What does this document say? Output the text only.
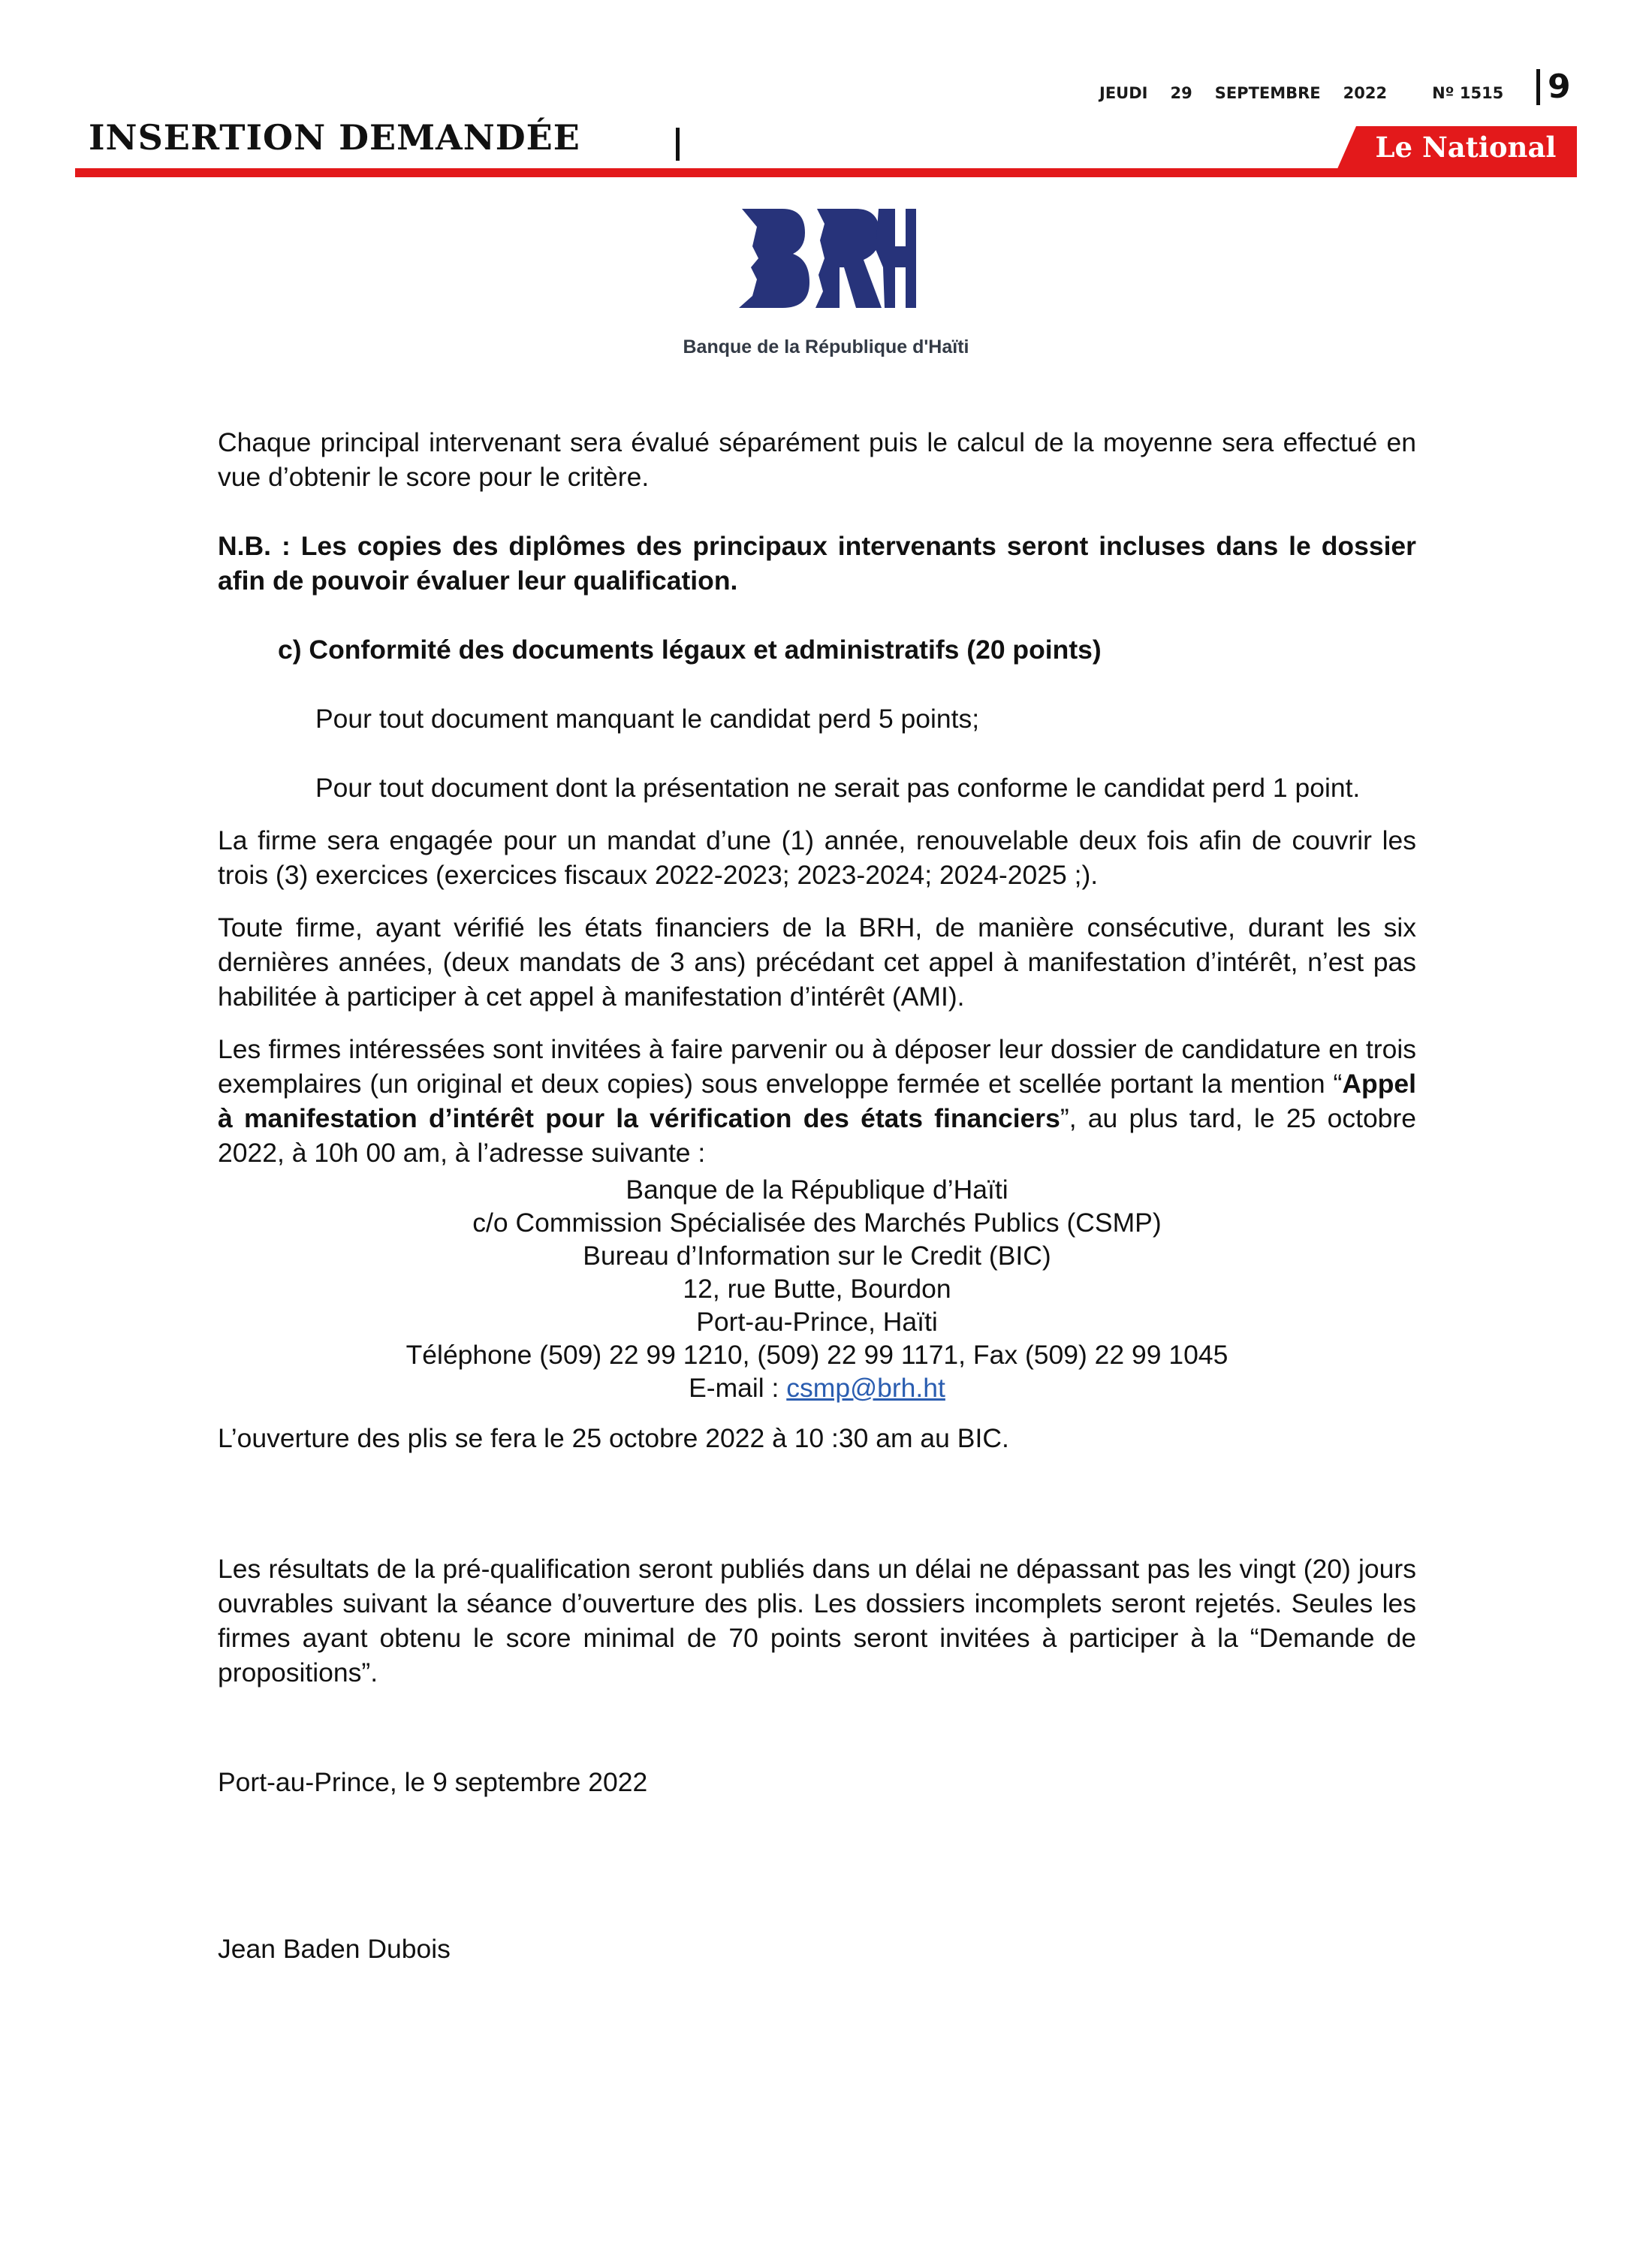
JEUDI 29 SEPTEMBRE 2022	Nº 1515 9
INSERTION DEMANDÉE	Le National
Banque de la République d'Haïti

Chaque principal intervenant sera évalué séparément puis le calcul de la moyenne sera effectué en vue d’obtenir le score pour le critère.

N.B. : Les copies des diplômes des principaux intervenants seront incluses dans le dossier afin de pouvoir évaluer leur qualification.

c) Conformité des documents légaux et administratifs (20 points)

Pour tout document manquant le candidat perd 5 points;

Pour tout document dont la présentation ne serait pas conforme le candidat perd 1 point.

La firme sera engagée pour un mandat d’une (1) année, renouvelable deux fois afin de couvrir les trois (3) exercices (exercices fiscaux 2022-2023; 2023-2024; 2024-2025 ;).

Toute firme, ayant vérifié les états financiers de la BRH, de manière consécutive, durant les six dernières années, (deux mandats de 3 ans) précédant cet appel à manifestation d’intérêt, n’est pas habilitée à participer à cet appel à manifestation d’intérêt (AMI).

Les firmes intéressées sont invitées à faire parvenir ou à déposer leur dossier de candidature en trois exemplaires (un original et deux copies) sous enveloppe fermée et scellée portant la mention “Appel à manifestation d’intérêt pour la vérification des états financiers”, au plus tard, le 25 octobre 2022, à 10h 00 am, à l’adresse suivante :

Banque de la République d’Haïti
c/o Commission Spécialisée des Marchés Publics (CSMP)
Bureau d’Information sur le Credit (BIC)
12, rue Butte, Bourdon
Port-au-Prince, Haïti
Téléphone (509) 22 99 1210, (509) 22 99 1171, Fax (509) 22 99 1045
E-mail : csmp@brh.ht

L’ouverture des plis se fera le 25 octobre 2022 à 10 :30 am au BIC.

Les résultats de la pré-qualification seront publiés dans un délai ne dépassant pas les vingt (20) jours ouvrables suivant la séance d’ouverture des plis. Les dossiers incomplets seront rejetés. Seules les firmes ayant obtenu le score minimal de 70 points seront invitées à participer à la “Demande de propositions”.

Port-au-Prince, le 9 septembre 2022

Jean Baden Dubois
